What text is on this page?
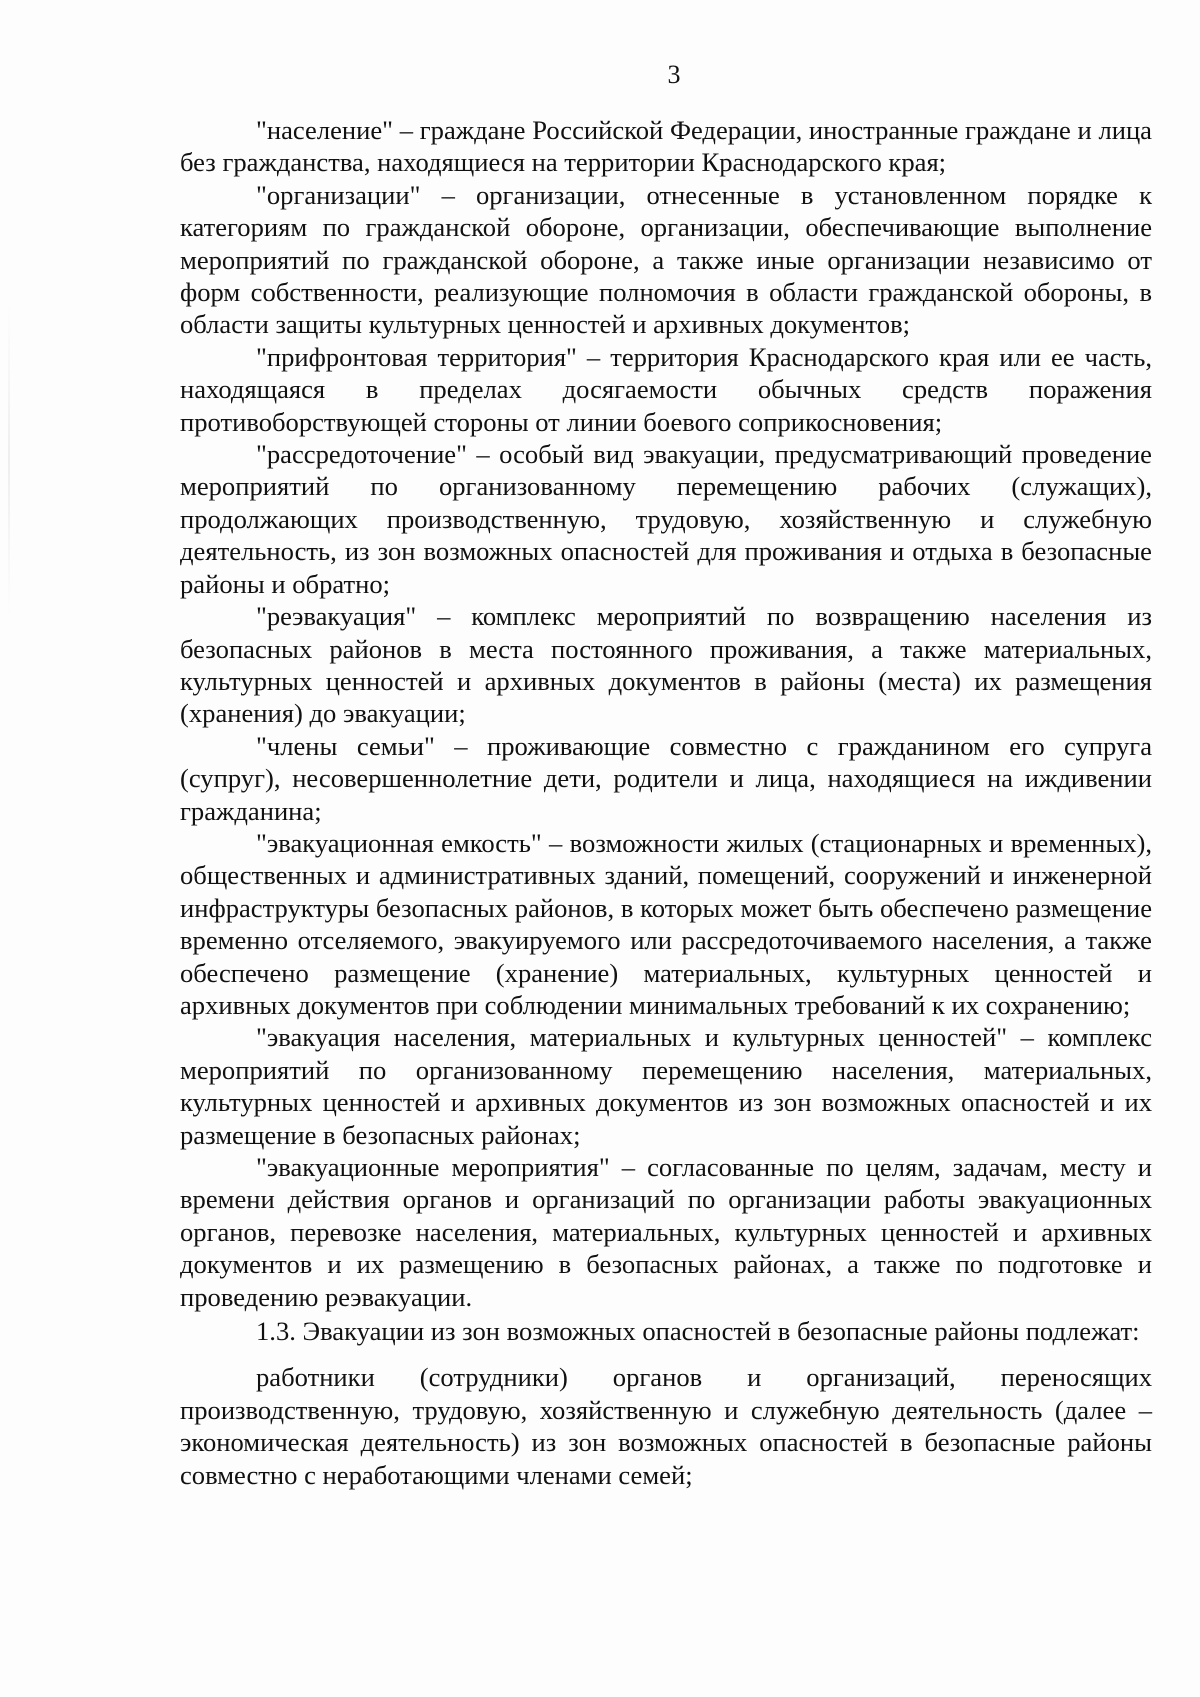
3

"население" – граждане Российской Федерации, иностранные граждане и лица без гражданства, находящиеся на территории Краснодарского края;

"организации" – организации, отнесенные в установленном порядке к категориям по гражданской обороне, организации, обеспечивающие выполнение мероприятий по гражданской обороне, а также иные организации независимо от форм собственности, реализующие полномочия в области гражданской обороны, в области защиты культурных ценностей и архивных документов;

"прифронтовая территория" – территория Краснодарского края или ее часть, находящаяся в пределах досягаемости обычных средств поражения противоборствующей стороны от линии боевого соприкосновения;

"рассредоточение" – особый вид эвакуации, предусматривающий проведение мероприятий по организованному перемещению рабочих (служащих), продолжающих производственную, трудовую, хозяйственную и служебную деятельность, из зон возможных опасностей для проживания и отдыха в безопасные районы и обратно;

"реэвакуация" – комплекс мероприятий по возвращению населения из безопасных районов в места постоянного проживания, а также материальных, культурных ценностей и архивных документов в районы (места) их размещения (хранения) до эвакуации;

"члены семьи" – проживающие совместно с гражданином его супруга (супруг), несовершеннолетние дети, родители и лица, находящиеся на иждивении гражданина;

"эвакуационная емкость" – возможности жилых (стационарных и временных), общественных и административных зданий, помещений, сооружений и инженерной инфраструктуры безопасных районов, в которых может быть обеспечено размещение временно отселяемого, эвакуируемого или рассредоточиваемого населения, а также обеспечено размещение (хранение) материальных, культурных ценностей и архивных документов при соблюдении минимальных требований к их сохранению;

"эвакуация населения, материальных и культурных ценностей" – комплекс мероприятий по организованному перемещению населения, материальных, культурных ценностей и архивных документов из зон возможных опасностей и их размещение в безопасных районах;

"эвакуационные мероприятия" – согласованные по целям, задачам, месту и времени действия органов и организаций по организации работы эвакуационных органов, перевозке населения, материальных, культурных ценностей и архивных документов и их размещению в безопасных районах, а также по подготовке и проведению реэвакуации.

1.3. Эвакуации из зон возможных опасностей в безопасные районы подлежат:

работники (сотрудники) органов и организаций, переносящих производственную, трудовую, хозяйственную и служебную деятельность (далее – экономическая деятельность) из зон возможных опасностей в безопасные районы совместно с неработающими членами семей;
